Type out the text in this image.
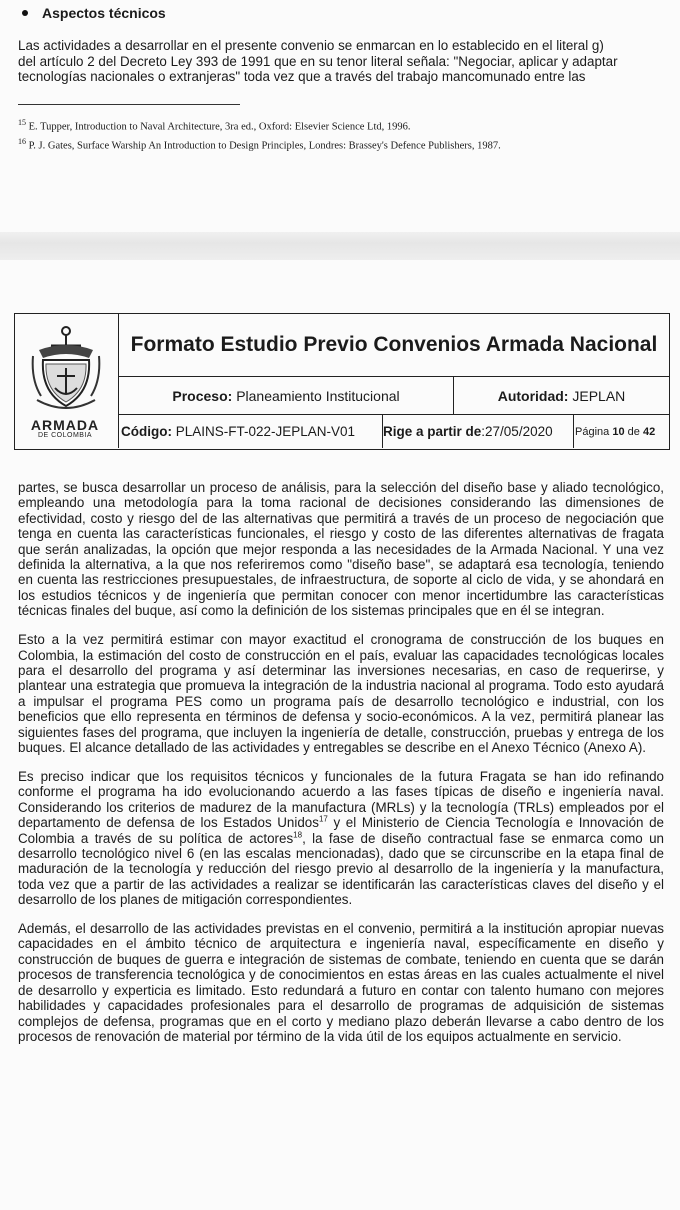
Aspectos técnicos
Las actividades a desarrollar en el presente convenio se enmarcan en lo establecido en el literal g)
del artículo 2 del Decreto Ley 393 de 1991 que en su tenor literal señala: "Negociar, aplicar y adaptar
tecnologías nacionales o extranjeras" toda vez que a través del trabajo mancomunado entre las
$^{15}$ E. Tupper, Introduction to Naval Architecture, 3ra ed., Oxford: Elsevier Science Ltd, 1996.
$^{16}$ P. J. Gates, Surface Warship An Introduction to Design Principles, Londres: Brassey's Defence Publishers, 1987.
ARMADA
DE COLOMBIA
Formato Estudio Previo Convenios Armada Nacional
Proceso:
Planeamiento Institucional	Autoridad:
JEPLAN
Código:
PLAINS-FT-022-JEPLAN-V01 Rige a partir de :27/05/2020 Página
10
de
42

partes, se busca desarrollar un proceso de análisis, para la selección del diseño base y aliado tecnológico, empleando una metodología para la toma racional de decisiones considerando las dimensiones de efectividad, costo y riesgo del de las alternativas que permitirá a través de un proceso de negociación que tenga en cuenta las características funcionales, el riesgo y costo de las diferentes alternativas de fragata que serán analizadas, la opción que mejor responda a las necesidades de la Armada Nacional. Y una vez definida la alternativa, a la que nos referiremos como "diseño base", se adaptará esa tecnología, teniendo en cuenta las restricciones presupuestales, de infraestructura, de soporte al ciclo de vida, y se ahondará en los estudios técnicos y de ingeniería que permitan conocer con menor incertidumbre las características técnicas finales del buque, así como la definición de los sistemas principales que en él se integran.

Esto a la vez permitirá estimar con mayor exactitud el cronograma de construcción de los buques en Colombia, la estimación del costo de construcción en el país, evaluar las capacidades tecnológicas locales para el desarrollo del programa y así determinar las inversiones necesarias, en caso de requerirse, y plantear una estrategia que promueva la integración de la industria nacional al programa. Todo esto ayudará a impulsar el programa PES como un programa país de desarrollo tecnológico e industrial, con los beneficios que ello representa en términos de defensa y socio-económicos. A la vez, permitirá planear las siguientes fases del programa, que incluyen la ingeniería de detalle, construcción, pruebas y entrega de los buques. El alcance detallado de las actividades y entregables se describe en el Anexo Técnico (Anexo A).

Es preciso indicar que los requisitos técnicos y funcionales de la futura Fragata se han ido refinando conforme el programa ha ido evolucionando acuerdo a las fases típicas de diseño e ingeniería naval. Considerando los criterios de madurez de la manufactura (MRLs) y la tecnología (TRLs) empleados por el departamento de defensa de los Estados Unidos$^{17}$ y el Ministerio de Ciencia Tecnología e Innovación de Colombia a través de su política de actores$^{18}$, la fase de diseño contractual fase se enmarca como un desarrollo tecnológico nivel 6 (en las escalas mencionadas), dado que se circunscribe en la etapa final de maduración de la tecnología y reducción del riesgo previo al desarrollo de la ingeniería y la manufactura, toda vez que a partir de las actividades a realizar se identificarán las características claves del diseño y el desarrollo de los planes de mitigación correspondientes.

Además, el desarrollo de las actividades previstas en el convenio, permitirá a la institución apropiar nuevas capacidades en el ámbito técnico de arquitectura e ingeniería naval, específicamente en diseño y construcción de buques de guerra e integración de sistemas de combate, teniendo en cuenta que se darán procesos de transferencia tecnológica y de conocimientos en estas áreas en las cuales actualmente el nivel de desarrollo y experticia es limitado. Esto redundará a futuro en contar con talento humano con mejores habilidades y capacidades profesionales para el desarrollo de programas de adquisición de sistemas complejos de defensa, programas que en el corto y mediano plazo deberán llevarse a cabo dentro de los procesos de renovación de material por término de la vida útil de los equipos actualmente en servicio.
